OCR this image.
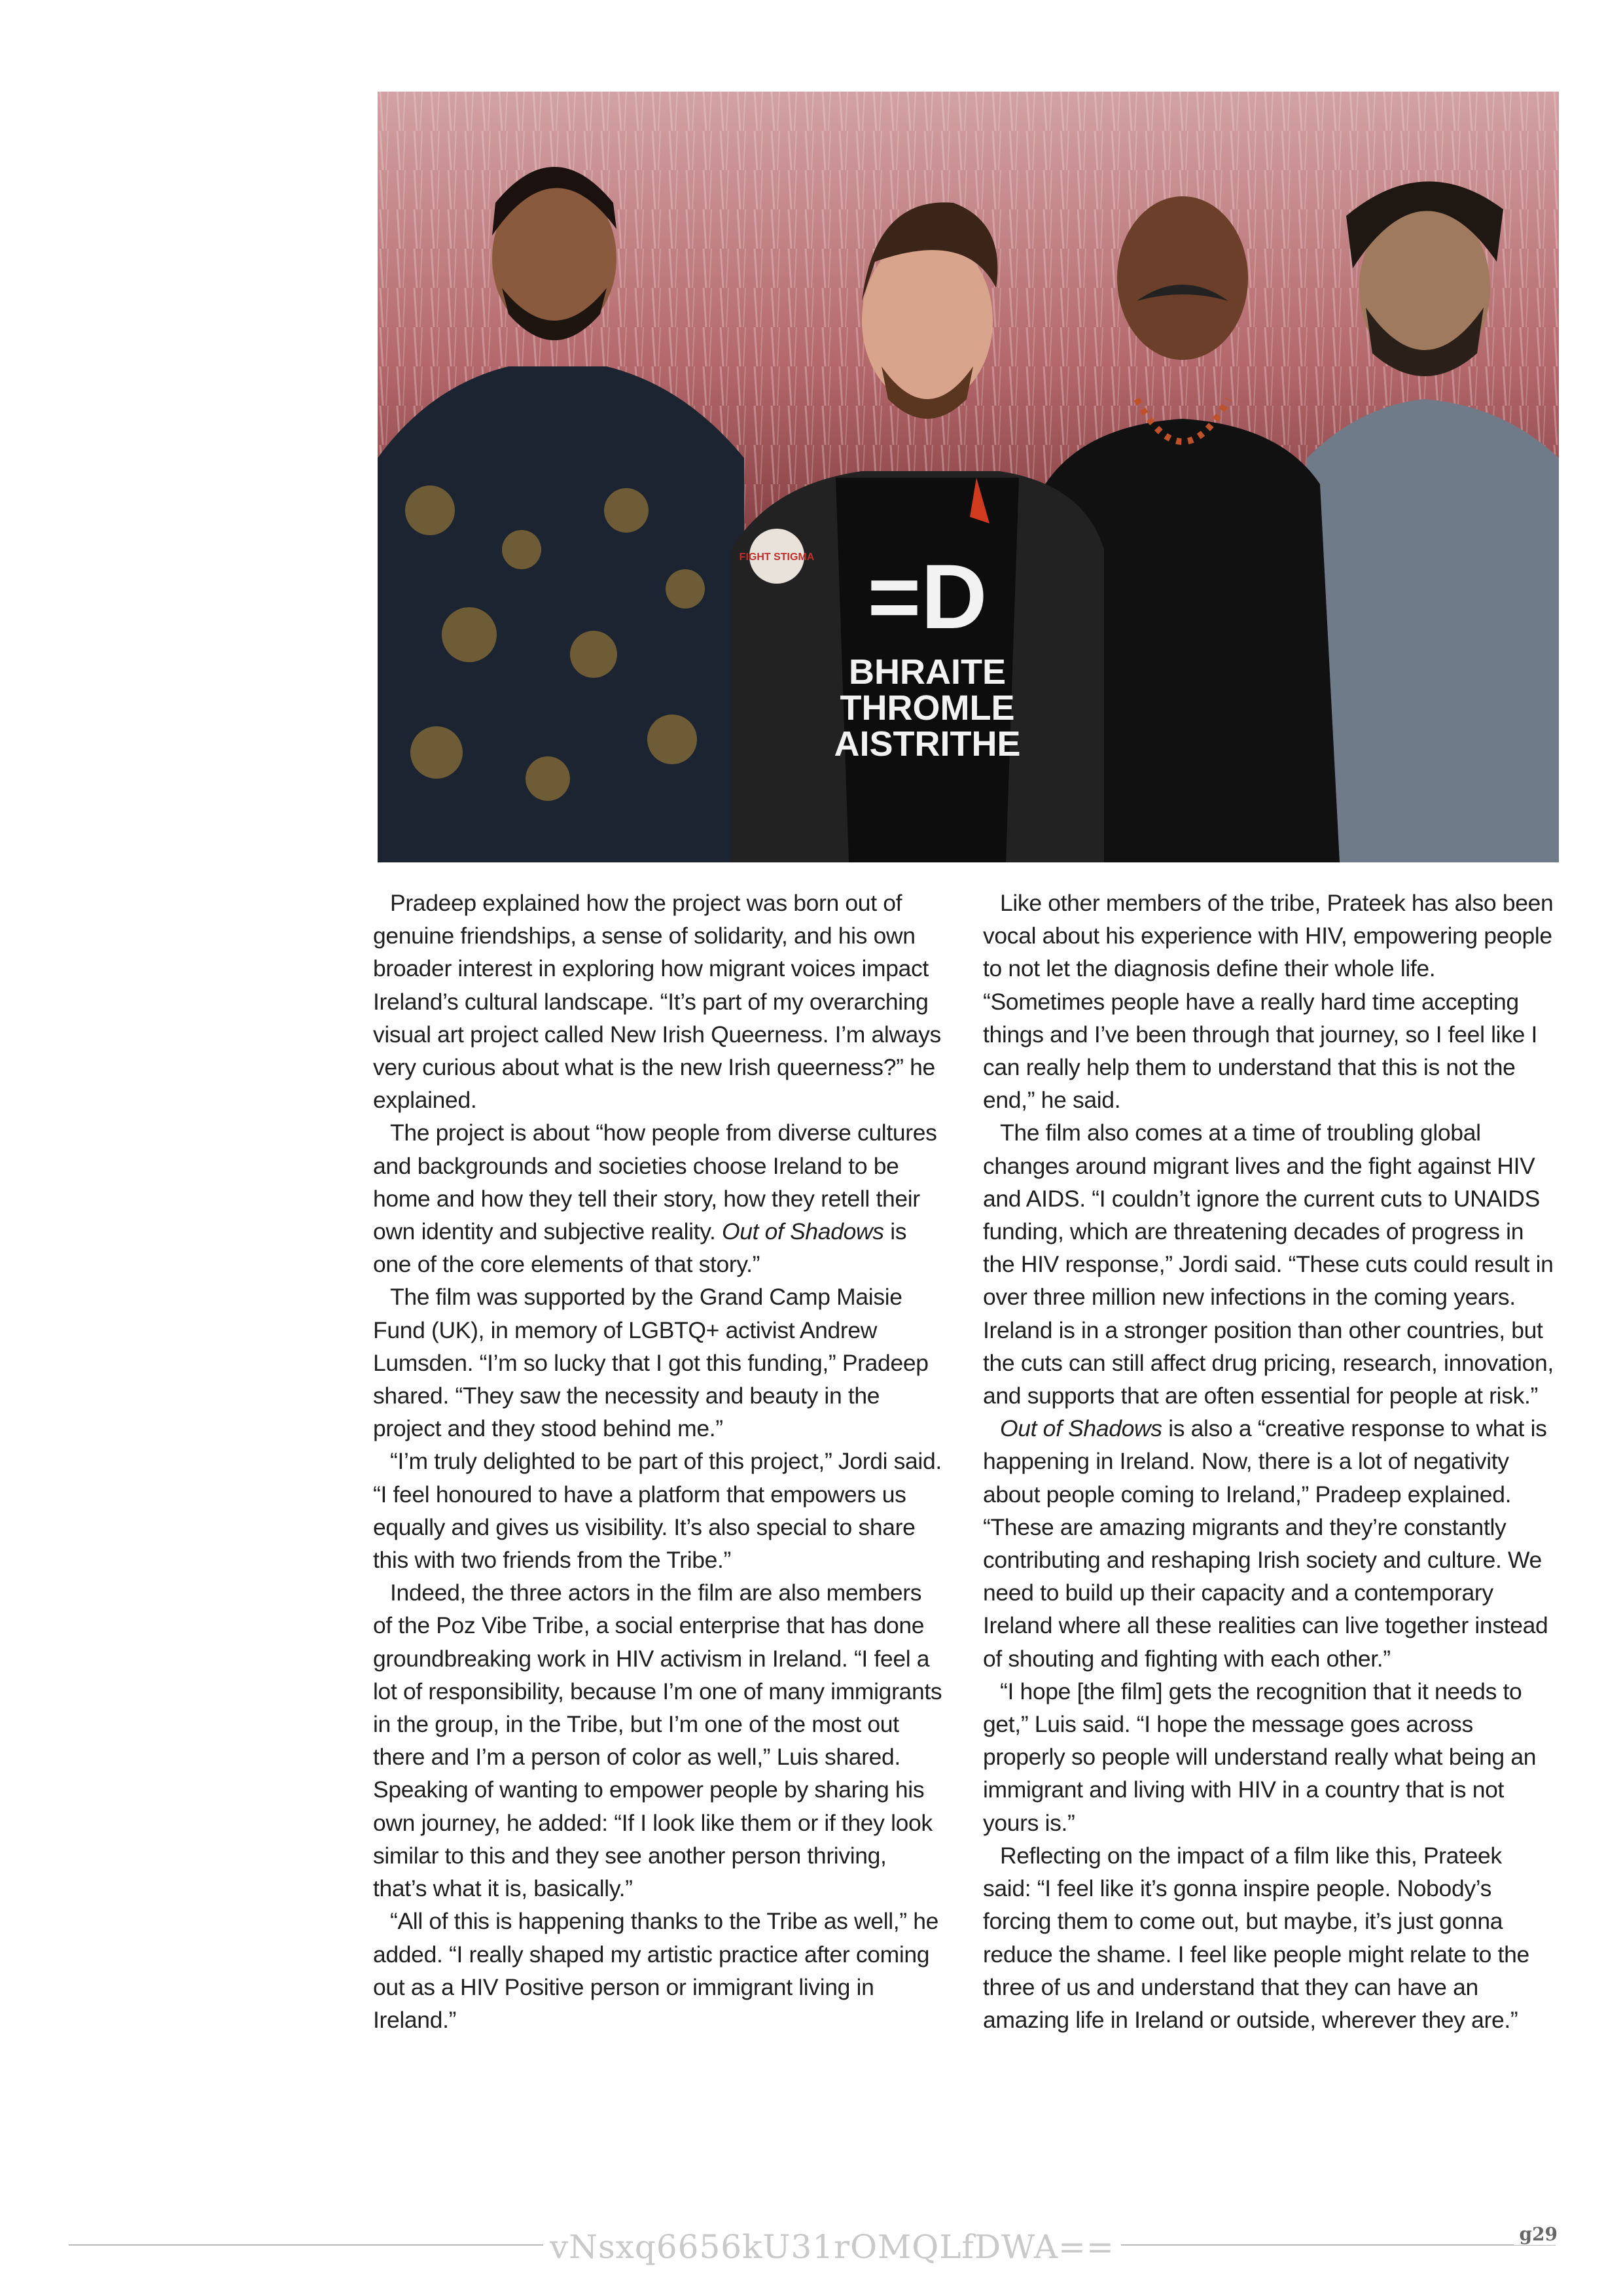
FIGHT STIGMA =D
BHRAITE
THROMLE
AISTRITHE

Pradeep explained how the project was born out of genuine friendships, a sense of solidarity, and his own broader interest in exploring how migrant voices impact Ireland’s cultural landscape. “It’s part of my overarching visual art project called New Irish Queerness. I’m always very curious about what is the new Irish queerness?” he explained.

The project is about “how people from diverse cultures and backgrounds and societies choose Ireland to be home and how they tell their story, how they retell their own identity and subjective reality. Out of Shadows is one of the core elements of that story.”

The film was supported by the Grand Camp Maisie Fund (UK), in memory of LGBTQ+ activist Andrew Lumsden. “I’m so lucky that I got this funding,” Pradeep shared. “They saw the necessity and beauty in the project and they stood behind me.”

“I’m truly delighted to be part of this project,” Jordi said. “I feel honoured to have a platform that empowers us equally and gives us visibility. It’s also special to share this with two friends from the Tribe.”

Indeed, the three actors in the film are also members of the Poz Vibe Tribe, a social enterprise that has done groundbreaking work in HIV activism in Ireland. “I feel a lot of responsibility, because I’m one of many immigrants in the group, in the Tribe, but I’m one of the most out there and I’m a person of color as well,” Luis shared. Speaking of wanting to empower people by sharing his own journey, he added: “If I look like them or if they look similar to this and they see another person thriving, that’s what it is, basically.”

“All of this is happening thanks to the Tribe as well,” he added. “I really shaped my artistic practice after coming out as a HIV Positive person or immigrant living in Ireland.”

Like other members of the tribe, Prateek has also been vocal about his experience with HIV, empowering people to not let the diagnosis define their whole life. “Sometimes people have a really hard time accepting things and I’ve been through that journey, so I feel like I can really help them to understand that this is not the end,” he said.

The film also comes at a time of troubling global changes around migrant lives and the fight against HIV and AIDS. “I couldn’t ignore the current cuts to UNAIDS funding, which are threatening decades of progress in the HIV response,” Jordi said. “These cuts could result in over three million new infections in the coming years. Ireland is in a stronger position than other countries, but the cuts can still affect drug pricing, research, innovation, and supports that are often essential for people at risk.”

Out of Shadows is also a “creative response to what is happening in Ireland. Now, there is a lot of negativity about people coming to Ireland,” Pradeep explained. “These are amazing migrants and they’re constantly contributing and reshaping Irish society and culture. We need to build up their capacity and a contemporary Ireland where all these realities can live together instead of shouting and fighting with each other.”

“I hope [the film] gets the recognition that it needs to get,” Luis said. “I hope the message goes across properly so people will understand really what being an immigrant and living with HIV in a country that is not yours is.”

Reflecting on the impact of a film like this, Prateek said: “I feel like it’s gonna inspire people. Nobody’s forcing them to come out, but maybe, it’s just gonna reduce the shame. I feel like people might relate to the three of us and understand that they can have an amazing life in Ireland or outside, wherever they are.”

vNsxq6656kU31rOMQLfDWA==	g29
